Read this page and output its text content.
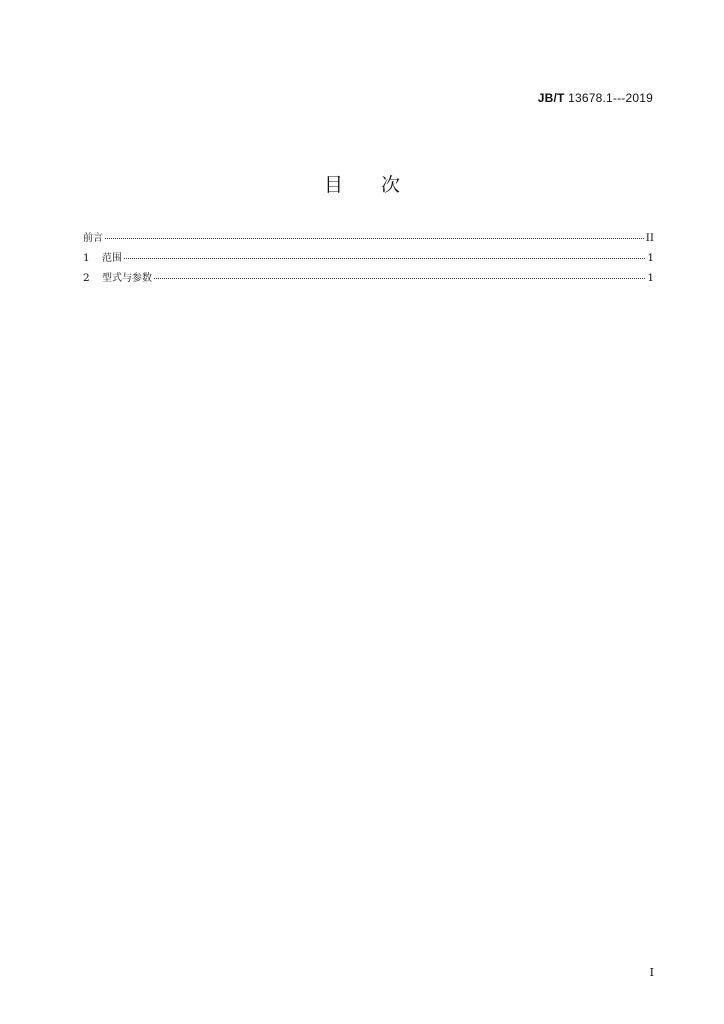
JB/T 13678.1---2019
目次
前言	II
1	范围	1
2	型式与参数	1
I
